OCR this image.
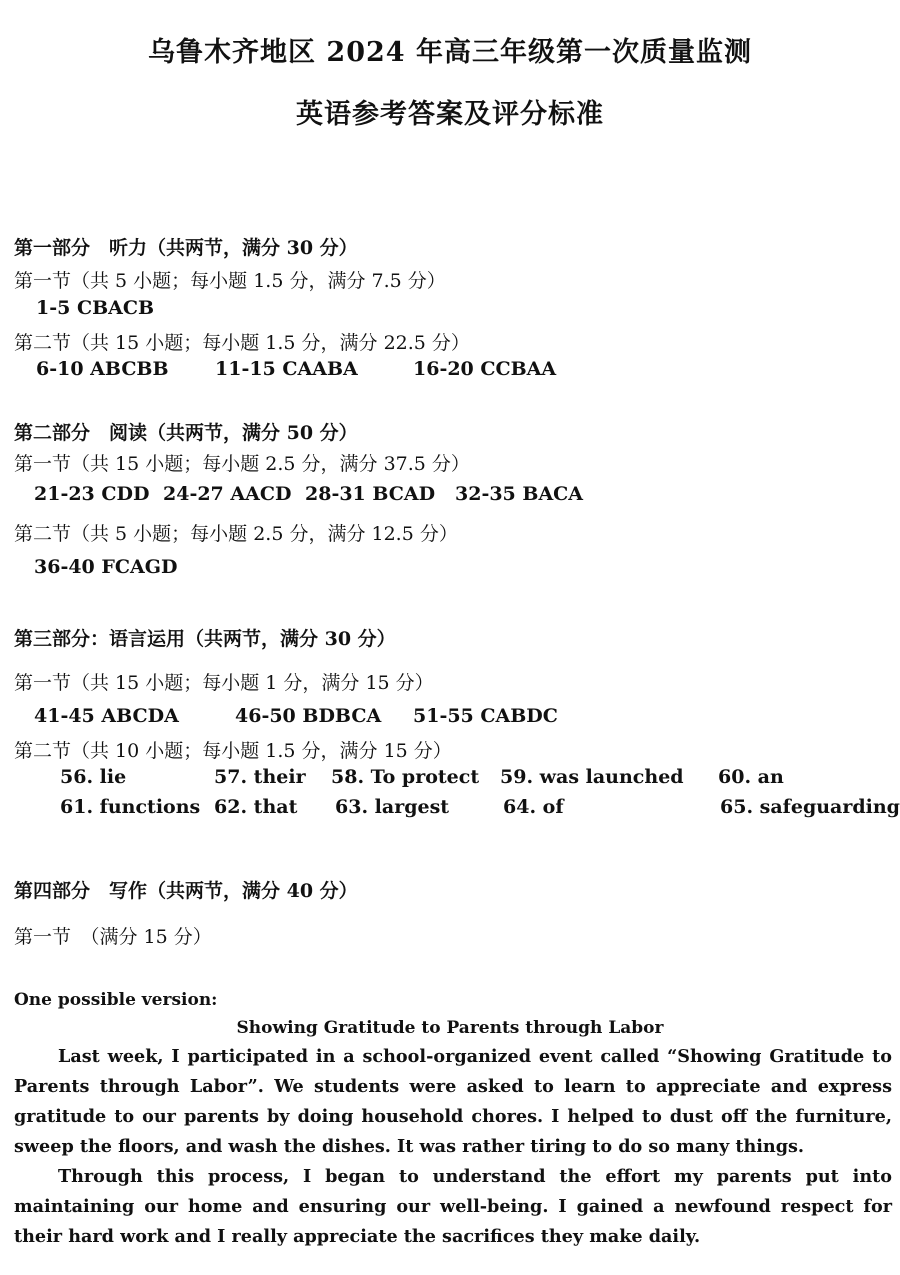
乌鲁木齐地区 2024 年高三年级第一次质量监测
英语参考答案及评分标准
第一部分　听力（共两节，满分 30 分）
第一节（共 5 小题；每小题 1.5 分，满分 7.5 分）
1-5 CBACB
第二节（共 15 小题；每小题 1.5 分，满分 22.5 分）
6-10 ABCBB 11-15 CAABA	16-20 CCBAA
第二部分　阅读（共两节，满分 50 分）
第一节（共 15 小题；每小题 2.5 分，满分 37.5 分）
21-23 CDD 24-27 AACD 28-31 BCAD 32-35 BACA
第二节（共 5 小题；每小题 2.5 分，满分 12.5 分）
36-40 FCAGD
第三部分：语言运用（共两节，满分 30 分）
第一节（共 15 小题；每小题 1 分，满分 15 分）
41-45 ABCDA	46-50 BDBCA 51-55 CABDC
第二节（共 10 小题；每小题 1.5 分，满分 15 分）
56. lie	57. their 58. To protect 59. was launched 60. an
61. functions 62. that 63. largest	64. of	65. safeguarding
第四部分　写作（共两节，满分 40 分）
第一节　（满分 15 分）
One possible version:
Showing Gratitude to Parents through Labor

Last week, I participated in a school-organized event called “Showing Gratitude to Parents through Labor”. We students were asked to learn to appreciate and express gratitude to our parents by doing household chores. I helped to dust off the furniture, sweep the floors, and wash the dishes. It was rather tiring to do so many things.

Through this process, I began to understand the effort my parents put into maintaining our home and ensuring our well-being. I gained a newfound respect for their hard work and I really appreciate the sacrifices they make daily.
